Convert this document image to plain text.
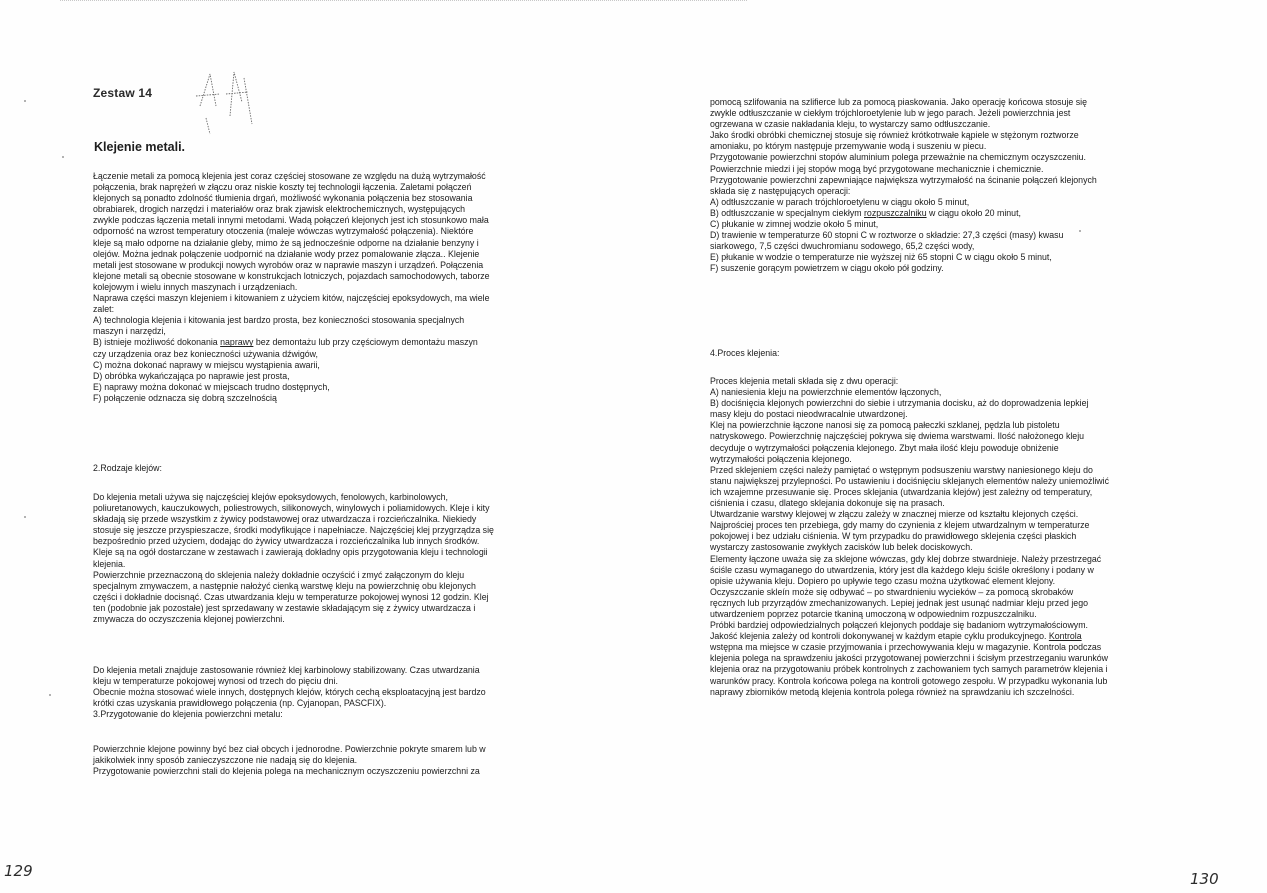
Zestaw 14
Klejenie metali.
Łączenie metali za pomocą klejenia jest coraz częściej stosowane ze względu na dużą wytrzymałość
połączenia, brak naprężeń w złączu oraz niskie koszty tej technologii łączenia. Zaletami połączeń
klejonych są ponadto zdolność tłumienia drgań, możliwość wykonania połączenia bez stosowania
obrabiarek, drogich narzędzi i materiałów oraz brak zjawisk elektrochemicznych, występujących
zwykle podczas łączenia metali innymi metodami. Wadą połączeń klejonych jest ich stosunkowo mała
odporność na wzrost temperatury otoczenia (maleje wówczas wytrzymałość połączenia). Niektóre
kleje są mało odporne na działanie gleby, mimo że są jednocześnie odporne na działanie benzyny i
olejów. Można jednak połączenie uodpornić na działanie wody przez pomalowanie złącza.. Klejenie
metali jest stosowane w produkcji nowych wyrobów oraz w naprawie maszyn i urządzeń. Połączenia
klejone metali są obecnie stosowane w konstrukcjach lotniczych, pojazdach samochodowych, taborze
kolejowym i wielu innych maszynach i urządzeniach.
Naprawa części maszyn klejeniem i kitowaniem z użyciem kitów, najczęściej epoksydowych, ma wiele
zalet:
A) technologia klejenia i kitowania jest bardzo prosta, bez konieczności stosowania specjalnych
maszyn i narzędzi,
B) istnieje możliwość dokonania naprawy bez demontażu lub przy częściowym demontażu maszyn
czy urządzenia oraz bez konieczności używania dźwigów,
C) można dokonać naprawy w miejscu wystąpienia awarii,
D) obróbka wykańczająca po naprawie jest prosta,
E) naprawy można dokonać w miejscach trudno dostępnych,
F) połączenie odznacza się dobrą szczelnością
2.Rodzaje klejów:
Do klejenia metali używa się najczęściej klejów epoksydowych, fenolowych, karbinolowych,
poliuretanowych, kauczukowych, poliestrowych, silikonowych, winylowych i poliamidowych. Kleje i kity
składają się przede wszystkim z żywicy podstawowej oraz utwardzacza i rozcieńczalnika. Niekiedy
stosuje się jeszcze przyspieszacze, środki modyfikujące i napełniacze. Najczęściej klej przygrządza się
bezpośrednio przed użyciem, dodając do żywicy utwardzacza i rozcieńczalnika lub innych środków.
Kleje są na ogół dostarczane w zestawach i zawierają dokładny opis przygotowania kleju i technologii
klejenia.
Powierzchnie przeznaczoną do sklejenia należy dokładnie oczyścić i zmyć załączonym do kleju
specjalnym zmywaczem, a następnie nałożyć cienką warstwę kleju na powierzchnię obu klejonych
części i dokładnie docisnąć. Czas utwardzania kleju w temperaturze pokojowej wynosi 12 godzin. Klej
ten (podobnie jak pozostałe) jest sprzedawany w zestawie składającym się z żywicy utwardzacza i
zmywacza do oczyszczenia klejonej powierzchni.
Do klejenia metali znajduje zastosowanie również klej karbinolowy stabilizowany. Czas utwardzania
kleju w temperaturze pokojowej wynosi od trzech do pięciu dni.
Obecnie można stosować wiele innych, dostępnych klejów, których cechą eksploatacyjną jest bardzo
krótki czas uzyskania prawidłowego połączenia (np. Cyjanopan, PASCFIX).
3.Przygotowanie do klejenia powierzchni metalu:
Powierzchnie klejone powinny być bez ciał obcych i jednorodne. Powierzchnie pokryte smarem lub w
jakikolwiek inny sposób zanieczyszczone nie nadają się do klejenia.
Przygotowanie powierzchni stali do klejenia polega na mechanicznym oczyszczeniu powierzchni za
129
pomocą szlifowania na szlifierce lub za pomocą piaskowania. Jako operację końcowa stosuje się
zwykle odtłuszczanie w ciekłym trójchloroetylenie lub w jego parach. Jeżeli powierzchnia jest
ogrzewana w czasie nakładania kleju, to wystarczy samo odtłuszczanie.
Jako środki obróbki chemicznej stosuje się również krótkotrwałe kąpiele w stężonym roztworze
amoniaku, po którym następuje przemywanie wodą i suszeniu w piecu.
Przygotowanie powierzchni stopów aluminium polega przeważnie na chemicznym oczyszczeniu.
Powierzchnie miedzi i jej stopów mogą być przygotowane mechanicznie i chemicznie.
Przygotowanie powierzchni zapewniające największa wytrzymałość na ścinanie połączeń klejonych
składa się z następujących operacji:
A) odtłuszczanie w parach trójchloroetylenu w ciągu około 5 minut,
B) odtłuszczanie w specjalnym ciekłym rozpuszczalniku w ciągu około 20 minut,
C) płukanie w zimnej wodzie około 5 minut,
D) trawienie w temperaturze 60 stopni C w roztworze o składzie: 27,3 części (masy) kwasu
siarkowego, 7,5 części dwuchromianu sodowego, 65,2 części wody,
E) płukanie w wodzie o temperaturze nie wyższej niż 65 stopni C w ciągu około 5 minut,
F) suszenie gorącym powietrzem w ciągu około pół godziny.
4.Proces klejenia:
Proces klejenia metali składa się z dwu operacji:
A) naniesienia kleju na powierzchnie elementów łączonych,
B) dociśnięcia klejonych powierzchni do siebie i utrzymania docisku, aż do doprowadzenia lepkiej
masy kleju do postaci nieodwracalnie utwardzonej.
Klej na powierzchnie łączone nanosi się za pomocą pałeczki szklanej, pędzla lub pistoletu
natryskowego. Powierzchnię najczęściej pokrywa się dwiema warstwami. Ilość nałożonego kleju
decyduje o wytrzymałości połączenia klejonego. Zbyt mała ilość kleju powoduje obniżenie
wytrzymałości połączenia klejonego.
Przed sklejeniem części należy pamiętać o wstępnym podsuszeniu warstwy naniesionego kleju do
stanu największej przylepności. Po ustawieniu i dociśnięciu sklejanych elementów należy uniemożliwić
ich wzajemne przesuwanie się. Proces sklejania (utwardzania klejów) jest zależny od temperatury,
ciśnienia i czasu, dlatego sklejania dokonuje się na prasach.
Utwardzanie warstwy klejowej w złączu zależy w znacznej mierze od kształtu klejonych części.
Najprościej proces ten przebiega, gdy mamy do czynienia z klejem utwardzalnym w temperaturze
pokojowej i bez udziału ciśnienia. W tym przypadku do prawidłowego sklejenia części płaskich
wystarczy zastosowanie zwykłych zacisków lub belek dociskowych.
Elementy łączone uważa się za sklejone wówczas, gdy klej dobrze stwardnieje. Należy przestrzegać
ściśle czasu wymaganego do utwardzenia, który jest dla każdego kleju ściśle określony i podany w
opisie używania kleju. Dopiero po upływie tego czasu można użytkować element klejony.
Oczyszczanie skleín może się odbywać – po stwardnieniu wycieków – za pomocą skrobaków
ręcznych lub przyrządów zmechanizowanych. Lepiej jednak jest usunąć nadmiar kleju przed jego
utwardzeniem poprzez potarcie tkaniną umoczoną w odpowiednim rozpuszczalniku.
Próbki bardziej odpowiedzialnych połączeń klejonych poddaje się badaniom wytrzymałościowym.
Jakość klejenia zależy od kontroli dokonywanej w każdym etapie cyklu produkcyjnego. Kontrola
wstępna ma miejsce w czasie przyjmowania i przechowywania kleju w magazynie. Kontrola podczas
klejenia polega na sprawdzeniu jakości przygotowanej powierzchni i ścisłym przestrzeganiu warunków
klejenia oraz na przygotowaniu próbek kontrolnych z zachowaniem tych samych parametrów klejenia i
warunków pracy. Kontrola końcowa polega na kontroli gotowego zespołu. W przypadku wykonania lub
naprawy zbiorników metodą klejenia kontrola polega również na sprawdzaniu ich szczelności.
130
